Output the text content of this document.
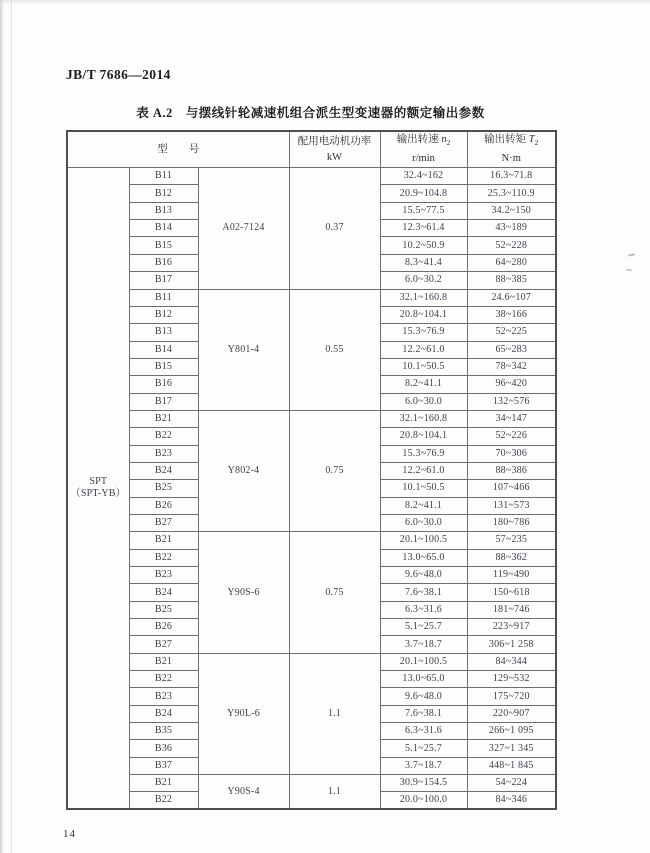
JB/T 7686—2014
表 A.2　与摆线针轮减速机组合派生型变速器的额定输出参数
型　　号	
配用电动机功率
kW

输出转速 $n_2$
r/min

输出转矩 $T_2$
N·m

SPT
（SPT-YB）	B11	A02-7124	0.37	32.4~162	16.3~71.8
	B12			20.9~104.8	25.3~110.9
	B13			15.5~77.5	34.2~150
	B14			12.3~61.4	43~189
	B15			10.2~50.9	52~228
	B16			8.3~41.4	64~280
	B17			6.0~30.2	88~385
	B11	Y801-4	0.55	32.1~160.8	24.6~107
	B12			20.8~104.1	38~166
	B13			15.3~76.9	52~225
	B14			12.2~61.0	65~283
	B15			10.1~50.5	78~342
	B16			8.2~41.1	96~420
	B17			6.0~30.0	132~576
	B21	Y802-4	0.75	32.1~160.8	34~147
	B22			20.8~104.1	52~226
	B23			15.3~76.9	70~306
	B24			12.2~61.0	88~386
	B25			10.1~50.5	107~466
	B26			8.2~41.1	131~573
	B27			6.0~30.0	180~786
	B21	Y90S-6	0.75	20.1~100.5	57~235
	B22			13.0~65.0	88~362
	B23			9.6~48.0	119~490
	B24			7.6~38.1	150~618
	B25			6.3~31.6	181~746
	B26			5.1~25.7	223~917
	B27			3.7~18.7	306~1 258
	B21	Y90L-6	1.1	20.1~100.5	84~344
	B22			13.0~65.0	129~532
	B23			9.6~48.0	175~720
	B24			7.6~38.1	220~907
	B35			6.3~31.6	266~1 095
	B36			5.1~25.7	327~1 345
	B37			3.7~18.7	448~1 845
	B21	Y90S-4	1.1	30.9~154.5	54~224
	B22			20.0~100.0	84~346
14
